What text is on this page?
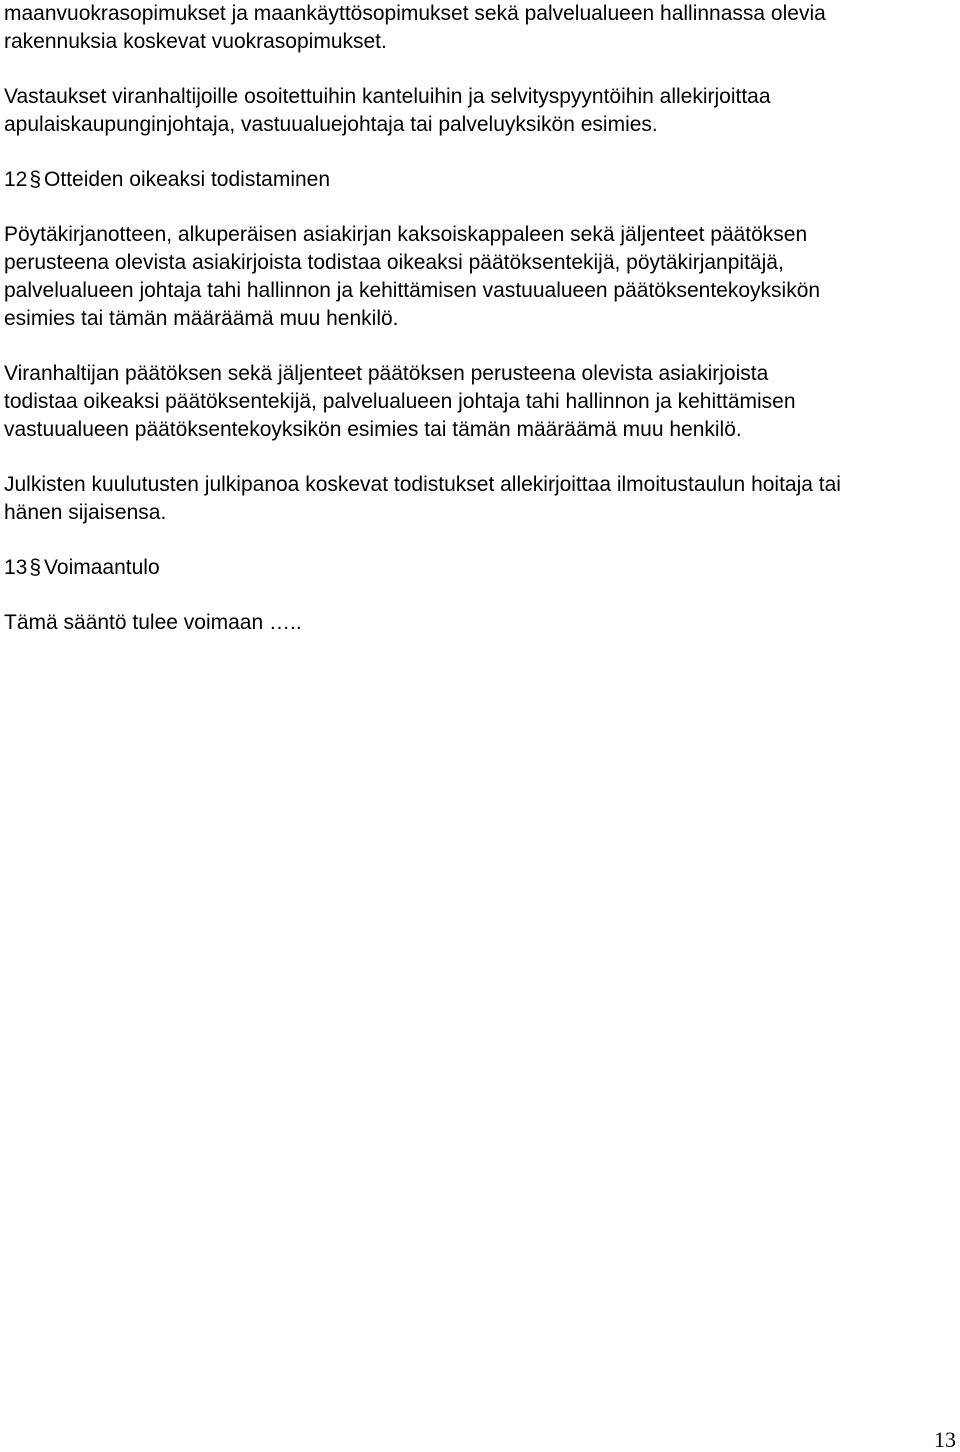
maanvuokrasopimukset ja maankäyttösopimukset sekä palvelualueen hallinnassa olevia
rakennuksia koskevat vuokrasopimukset.

Vastaukset viranhaltijoille osoitettuihin kanteluihin ja selvityspyyntöihin allekirjoittaa
apulaiskaupunginjohtaja, vastuualuejohtaja tai palveluyksikön esimies.

12§ Otteiden oikeaksi todistaminen

Pöytäkirjanotteen, alkuperäisen asiakirjan kaksoiskappaleen sekä jäljenteet päätöksen
perusteena olevista asiakirjoista todistaa oikeaksi päätöksentekijä, pöytäkirjanpitäjä,
palvelualueen johtaja tahi hallinnon ja kehittämisen vastuualueen päätöksentekoyksikön
esimies tai tämän määräämä muu henkilö.

Viranhaltijan päätöksen sekä jäljenteet päätöksen perusteena olevista asiakirjoista
todistaa oikeaksi päätöksentekijä, palvelualueen johtaja tahi hallinnon ja kehittämisen
vastuualueen päätöksentekoyksikön esimies tai tämän määräämä muu henkilö.

Julkisten kuulutusten julkipanoa koskevat todistukset allekirjoittaa ilmoitustaulun hoitaja tai
hänen sijaisensa.

13§ Voimaantulo

Tämä sääntö tulee voimaan …..

13
